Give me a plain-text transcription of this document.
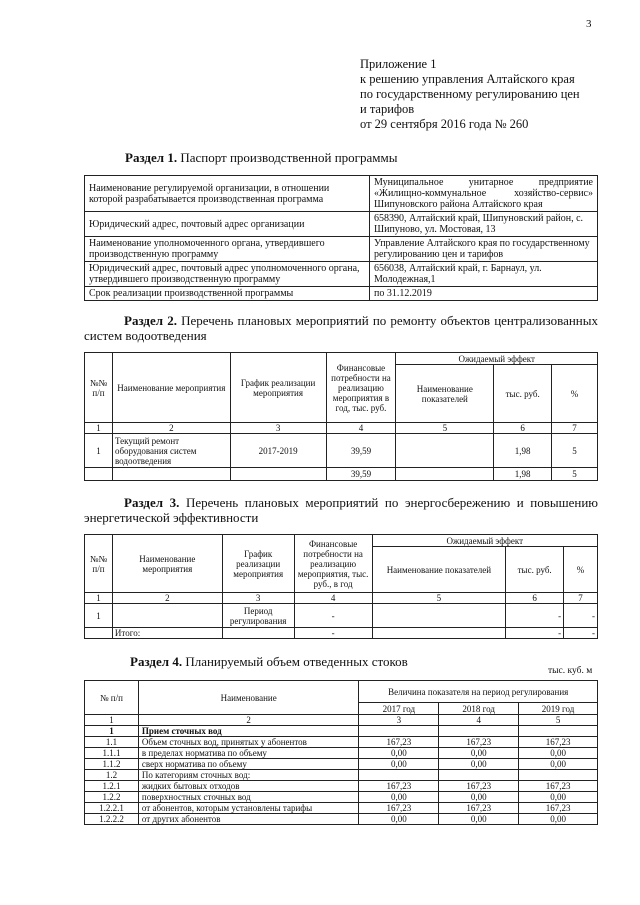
3
Приложение 1
к решению управления Алтайского края
по государственному регулированию цен
и тарифов
от 29 сентября 2016 года № 260
Раздел 1. Паспорт производственной программы
Наименование регулируемой организации, в отношении которой разрабатывается производственная программа	Муниципальное унитарное предприятие «Жилищно-коммунальное хозяйство-сервис» Шипуновского района Алтайского края
Юридический адрес, почтовый адрес организации	658390, Алтайский край, Шипуновский район, с. Шипуново, ул. Мостовая, 13
Наименование уполномоченного органа, утвердившего производственную программу	Управление Алтайского края по государственному регулированию цен и тарифов
Юридический адрес, почтовый адрес уполномоченного органа, утвердившего производственную программу	656038, Алтайский край, г. Барнаул, ул. Молодежная,1
Срок реализации производственной программы	по 31.12.2019
Раздел 2. Перечень плановых мероприятий по ремонту объектов централизованных систем водоотведения
№№ п/п	Наименование мероприятия	График реализации мероприятия	Финансовые потребности на реализацию мероприятия в год, тыс. руб.	Ожидаемый эффект		
				Наименование показателей	тыс. руб.	%
1	2	3	4	5	6	7
1	Текущий ремонт оборудования систем водоотведения	2017-2019	39,59		1,98	5
			39,59		1,98	5
Раздел 3. Перечень плановых мероприятий по энергосбережению и повышению энергетической эффективности
№№ п/п	Наименование мероприятия	График реализации мероприятия	Финансовые потребности на реализацию мероприятия, тыс. руб., в год	Ожидаемый эффект		
				Наименование показателей	тыс. руб.	%
1	2	3	4	5	6	7
1		Период регулирования	-		-	-
	Итого:		-		-	-
Раздел 4. Планируемый объем отведенных стоков
тыс. куб. м
№ п/п	Наименование	Величина показателя на период регулирования		
		2017 год	2018 год	2019 год
1	2	3	4	5
1	Прием сточных вод			
1.1	Объем сточных вод, принятых у абонентов	167,23	167,23	167,23
1.1.1	в пределах норматива по объему	0,00	0,00	0,00
1.1.2	сверх норматива по объему	0,00	0,00	0,00
1.2	По категориям сточных вод:			
1.2.1	жидких бытовых отходов	167,23	167,23	167,23
1.2.2	поверхностных сточных вод	0,00	0,00	0,00
1.2.2.1	от абонентов, которым установлены тарифы	167,23	167,23	167,23
1.2.2.2	от других абонентов	0,00	0,00	0,00
